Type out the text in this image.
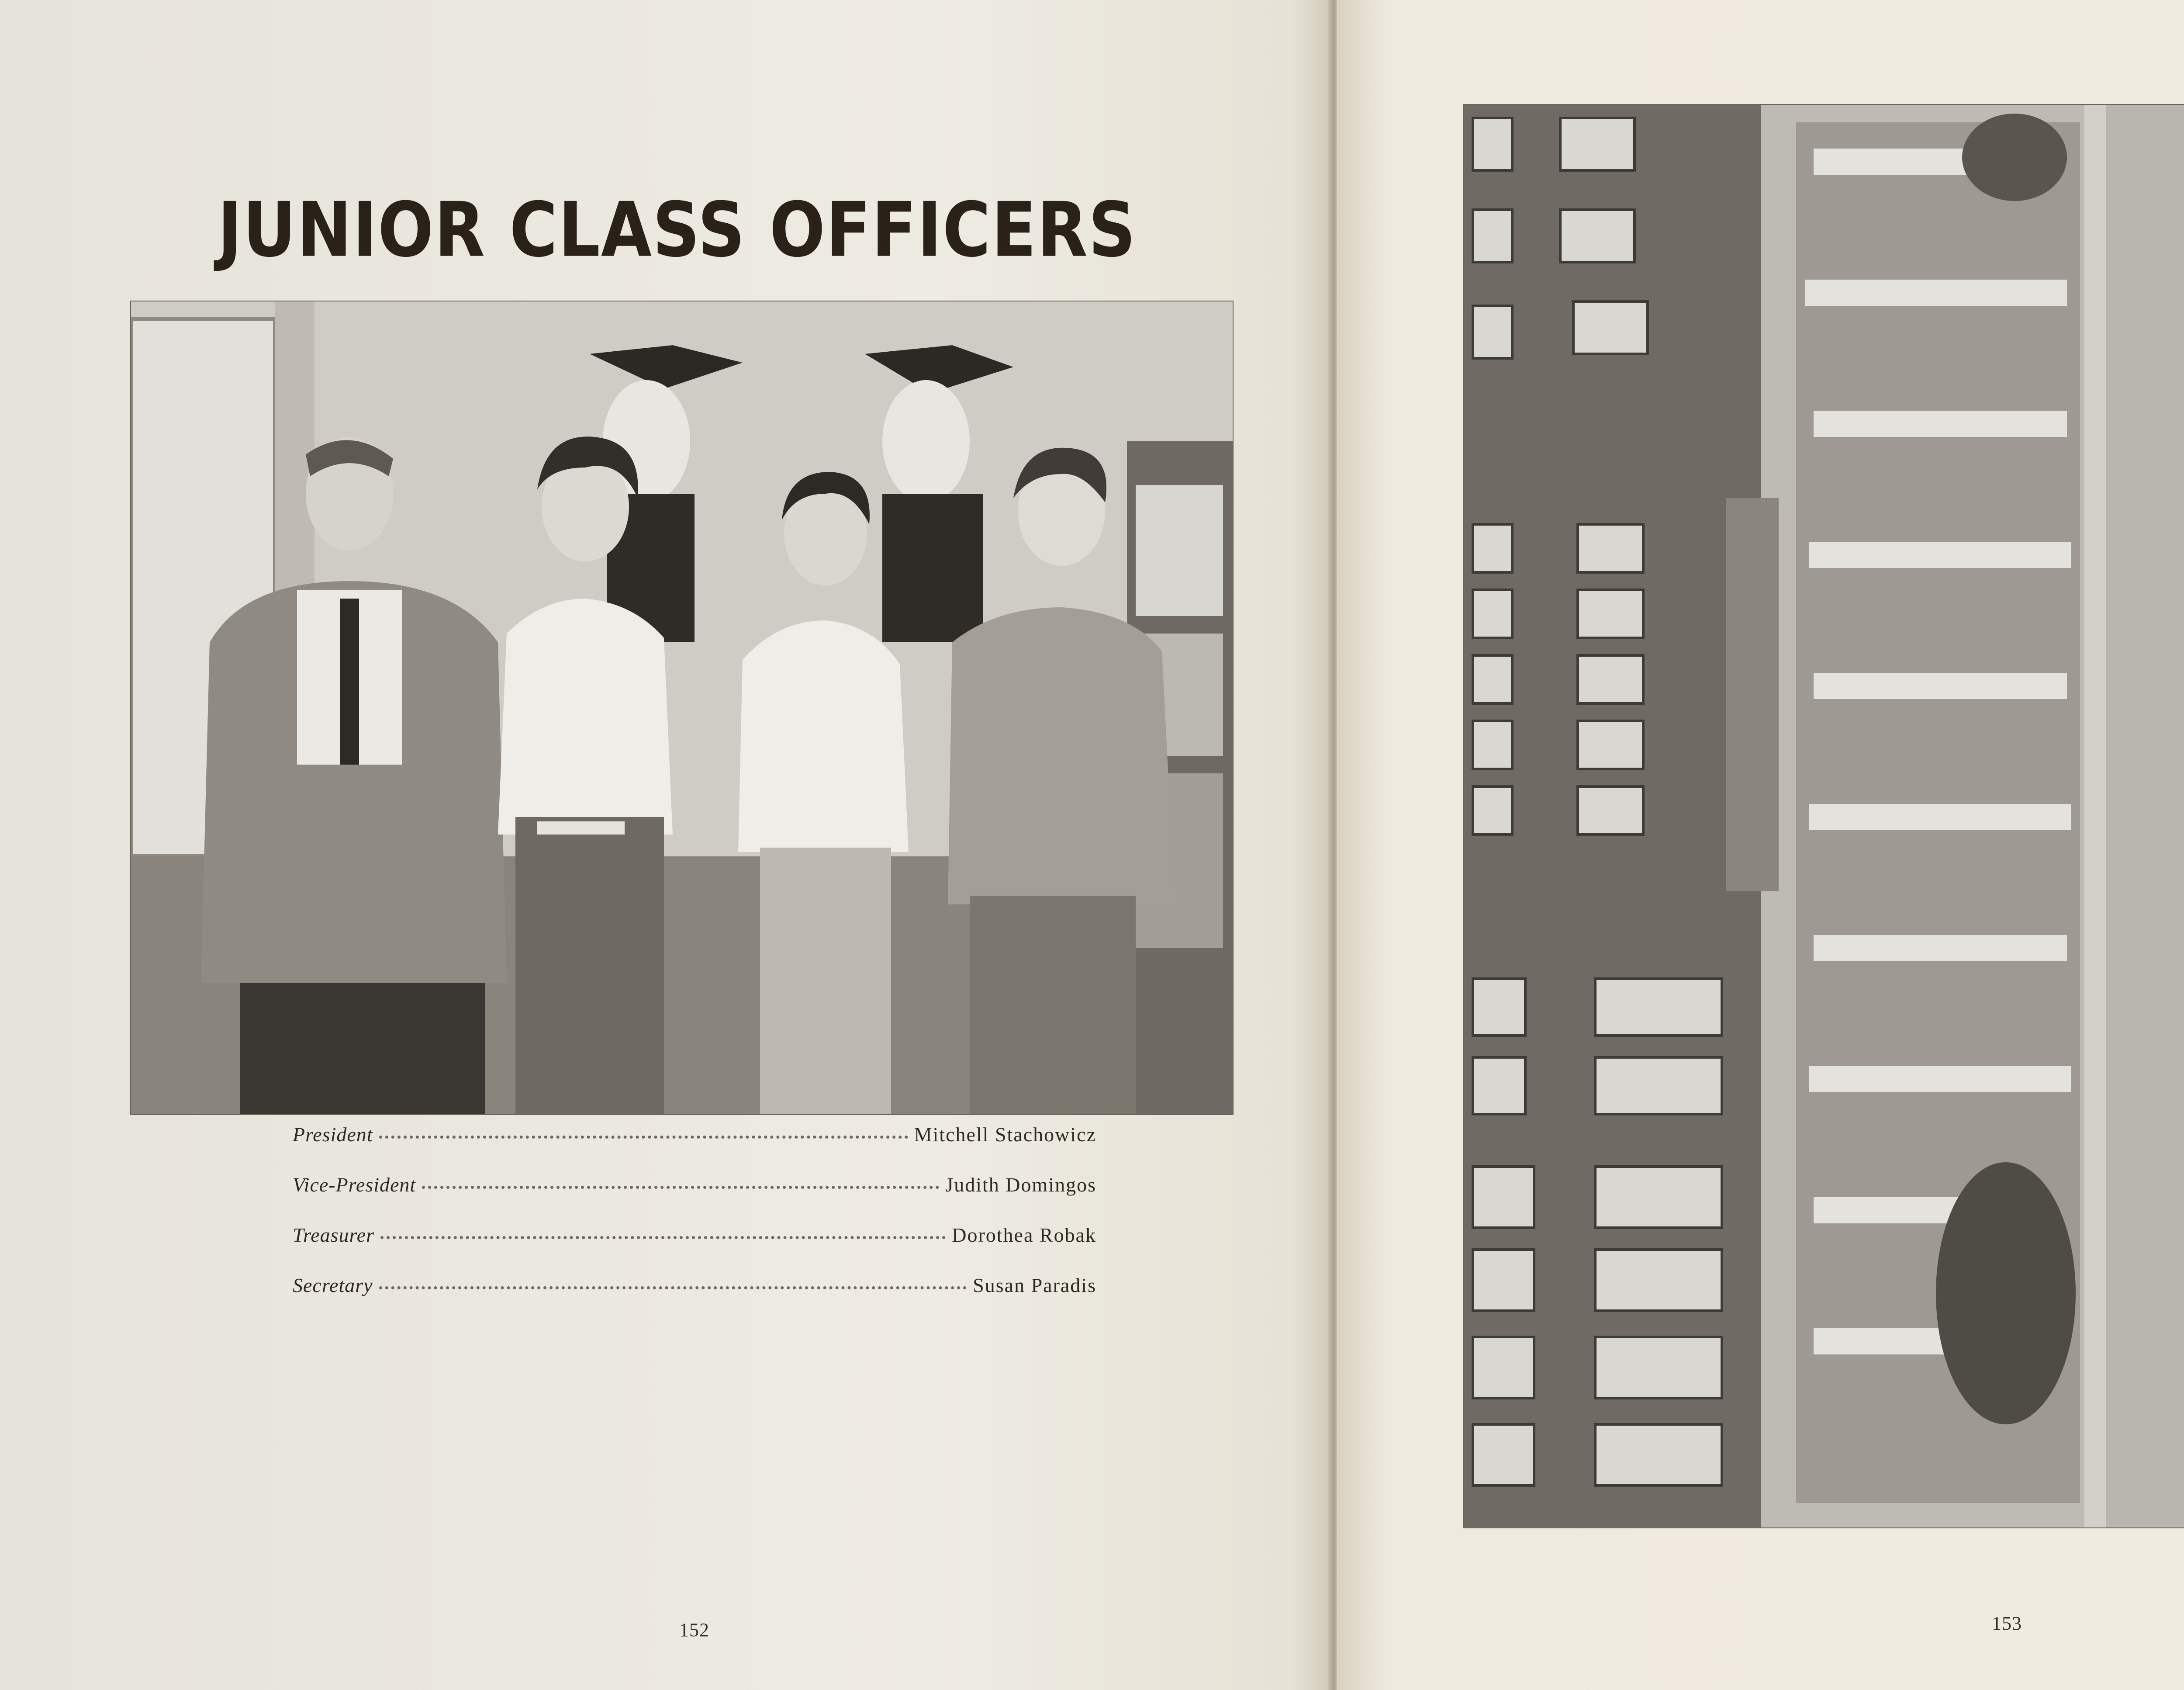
JUNIOR CLASS OFFICERS
President	Mitchell Stachowicz
Vice-President	Judith Domingos
Treasurer	Dorothea Robak
Secretary	Susan Paradis
152	153
